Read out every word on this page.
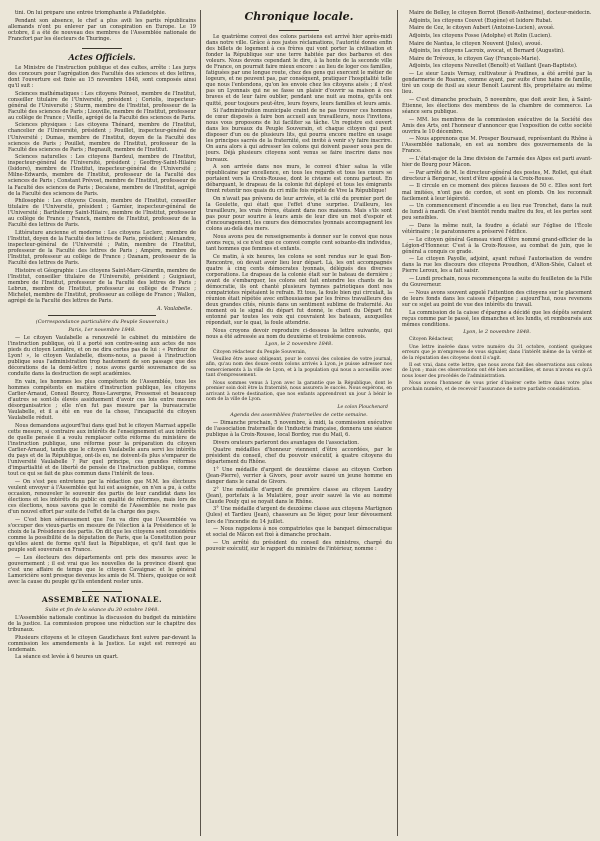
tini. On lui prépare une entrée triomphante à Philadelphie.

Pendant son absence, le chef a plus avili les partis républicains allemands n'ont pu enlever par un conspiration en Europe. Le 19 octobre, il a été de nouveau des membres de l'Assemblée nationale de Francfort par les électeurs de Thuringe.

Actes Officiels.

Le Ministre de l'instruction publique et des cultes, arrête : Les jurys des concours pour l'agrégation des Facultés des sciences et des lettres, dont l'ouverture est fixée au 15 novembre 1848, sont composés ainsi qu'il suit :

Sciences mathématiques : Les citoyens Poinsot, membre de l'Institut, conseiller titulaire de l'Université, président ; Coriolis, inspecteur-général de l'Université ; Sturm, membre de l'Institut, professeur de la Faculté des sciences de Paris ; Liouville, membre de l'Institut, professeur au collège de France ; Vieille, agrégé de la Faculté des sciences de Paris.

Sciences physiques : Les citoyens Thénard, membre de l'Institut, chancelier de l'Université, président ; Pouillet, inspecteur-général de l'Université ; Dumas, membre de l'Institut, doyen de la Faculté des sciences de Paris ; Pouillet, membre de l'Institut, professeur de la Faculté des sciences de Paris ; Regnault, membre de l'Institut.

Sciences naturelles : Les citoyens Bardeul, membre de l'Institut, inspecteur-général de l'Université, président ; Geoffroy-Saint-Hilaire (Isidore), membre de l'Institut, inspecteur-général de l'Université ; Milne-Edwards, membre de l'Institut, professeur de la Faculté des sciences de Paris ; Constant Prévost, membre de l'Institut, professeur de la Faculté des sciences de Paris ; Decaisne, membre de l'Institut, agrégé de la Faculté des sciences de Paris.

Philosophie : Les citoyens Cousin, membre de l'Institut, conseiller titulaire de l'Université, président ; Garnier, inspecteur-général de l'Université ; Barthélemy Saint-Hilaire, membre de l'Institut, professeur au collège de France ; Franck, membre de l'Institut, professeur de la Faculté des lettres de Paris.

Littérature ancienne et moderne : Les citoyens Leclerc, membre de l'Institut, doyen de la Faculté des lettres de Paris, président ; Alexandre, inspecteur-général de l'Université ; Patin, membre de l'Institut, professeur de la Faculté des lettres de Paris ; Ampère, membre de l'Institut, professeur au collège de France ; Ozanam, professeur de la Faculté des lettres de Paris.

Histoire et Géographie : Les citoyens Saint-Marc-Girardin, membre de l'Institut, conseiller titulaire de l'Université, président ; Guigniaut, membre de l'Institut, professeur de la Faculté des lettres de Paris ; Lebrun, membre de l'Institut, professeur au collège de France ; Michelet, membre de l'Institut, professeur au collège de France ; Wallon, agrégé de la Faculté des lettres de Paris.

A. Vaulabelle.

(Correspondance particulière du Peuple Souverain.)
Paris, 1er novembre 1848.

— Le citoyen Vaulabelle a renouvelé le cabinet du ministère de l'instruction publique, où il a porté son contre-seing aux actes de nos pieds du citoyen Lemâtre, et on ne dira certes pas de lui : « Perdeur de Lyon! », le citoyen Vaulabelle, disons-nous, a passé à l'instruction publique sous l'administration trop hautement de son passage que des décorations de la demi-lettre ; nous avons gardé souvenance de sa conduite dans la destruction de sept académies.

En vain, les hommes les plus compétents de l'Assemblée, tous les hommes compétents en matière d'instruction publique, les citoyens Carlier-Arnaud, Consul Bourcy, Rous-Lavergne, Pressensé et beaucoup d'autres se sont-ils élevés assiduement d'avoir ces lois entre mesure désorganisatrice ; elle n'en fut pas mesure par la bureaucratie Vaulabelle, et il a été en vue de la chose, l'incapacité du citoyen Vaulabelle réduit.

Nous demandons aujourd'hui dans quel but le citoyen Marrast appelle cette mesure, si contraire aux intérêts de l'enseignement et aux intérêts de quelle pensée il a voulu remplacer cette réforme du ministère de l'instruction publique, une réforme pour la préparation du citoyen Carlier-Arnaud, tandis que le citoyen Vaulabelle aura servi les intérêts du pays et de la République, ont-ils eu, ne doivent-ils plus s'emparer de l'université Vaulabelle ? Par quel principe, ces grandes réformes d'impartialité et de liberté de pensée de l'instruction publique, comme tout ce qui se fait de plus commun dans l'intérêt de tous.

— On s'est peu entretenu par la rédaction que M.M. les électeurs veulent envoyer à l'Assemblée qui lui est assignée, on n'en a pu, à cette occasion, renouveler le souvenir des partis de leur candidat dans les élections et les intérêts du public en qualité de réformes, mais lors de ces élections, nous savons que le comité de l'Assemblée ne reste pas d'un nouvel effort par suite de l'effet de la charge des pays.

— C'est bien sérieusement que l'on va dire que l'Assemblée va s'occuper des vieux-partis en mesure de l'élection à la Présidence et le choix de la Présidence des partis. On dit que les citoyens sont considérés comme la possibilité de la députation de Paris, que la Constitution pour qu'elles aient de forme qu'il faut la République, et qu'il faut que le peuple soit souverain en France.

— Les électeurs des départements ont pris des mesures avec le gouvernement ; il est vrai que les nouvelles de la province disent que c'est une affaire de temps que le citoyen Cavaignac et le général Lamoricière sont presque devenus les amis de M. Thiers, quoique ce soit avec la cause du peuple qu'ils entendent rester unis.

ASSEMBLÉE NATIONALE.
Suite et fin de la séance du 30 octobre 1848.

L'Assemblée nationale continue la discussion du budget du ministère de la justice. La commission propose une réduction sur le chapitre des tribunaux.

Plusieurs citoyens et le citoyen Gaudichaux font suivre par-devant la commission les amendements à la Justice. Le sujet est renvoyé au lendemain.

La séance est levée à 6 heures un quart.

Chronique locale.

Le quatrième convoi des colons parisiens est arrivé hier après-midi dans notre ville. Grâce à nos justes réclamations, l'autorité donne enfin des billets de logement à ces frères qui vont porter la civilisation et fonder la République sur une terre habitée par des barbares et des voleurs. Nous devons cependant le dire, à la honte de la seconde ville de France, on pourrait faire mieux encore : au lieu de loger ces familles, fatiguées par une longue route, chez des gens qui exercent le métier de logeurs, et ne peuvent pas, par conséquent, pratiquer l'hospitalité telle que nous l'entendons, qu'on les envoie chez les citoyens aisés ; il n'est pas un Lyonnais qui ne se fasse un plaisir d'ouvrir sa maison à ces braves et de leur faire oublier, pendant une nuit au moins, qu'ils ont quitté, pour toujours peut-être, leurs foyers, leurs familles et leurs amis.

Si l'administration municipale craint de ne pas trouver ces hommes de cœur disposés à faire bon accueil aux travailleurs, nous l'invitons, nous vous proposons de lui faciliter sa tâche. Un registre est ouvert dans les bureaux du Peuple Souverain, et chaque citoyen qui peut disposer d'un ou de plusieurs lits, qui pourra encore mettre en usage les principes sacrés de la fraternité, est invité à venir s'y faire inscrire. On aura alors à qui adresser les colons qui doivent passer sous peu de jours. Déjà plusieurs citoyens sont venus se faire inscrire dans nos bureaux.

A son arrivée dans nos murs, le convoi d'hier salua la ville républicaine par excellence, en tous les regards et tous les cœurs se portaient vers la Croix-Rousse, dont le civisme est connu partout. En débarquant, le drapeau de la colonie fut déployé et tous les émigrants firent retentir nos quais du cri mille fois répété de Vive la République!

On n'avait pas prévenu de leur arrivée, et la cité du premier port de la Goulette, qui était que l'effet d'une surprise. D'ailleurs, les travailleurs, les vrais frères, étaient dans nos maisons. Mais s'ils sont pas pour pour sourire à leurs amis de leur dire un mot d'espoir et d'encouragement, les cœurs des démocrates lyonnais accompagnent les colons au-delà des mers.

Nous avons peu de renseignements à donner sur le convoi que nous avons reçu, si ce n'est que ce convoi compte cent soixante-dix individus, tant hommes que femmes et enfants.

Ce matin, à six heures, les colons se sont rendus sur le quai Bon-Rencontre, où devait avoir lieu leur départ. Là, les ont accompagnés quatre à cinq cents démocrates lyonnais, délégués des diverses corporations. Le drapeau de la colonie était sur le bateau de dernière ; avant de s'embarquer, les colons ont fait entendre les chants de la démocratie, ils ont chanté plusieurs hymnes patriotiques dont nos compatriotes répétaient le refrain. Et tous, la foule bien qui circulait, la réunion était répétée avec enthousiasme par les frères travailleurs des deux grandes cités, réunis dans un sentiment sublime de fraternité. Au moment où le signal du départ fut donné, le chant du Départ fut entonné par toutes les voix qui couvraient les bateaux, auxquelles répondait, sur le quai, la foule attendrie.

Nous croyons devoir reproduire ci-dessous la lettre suivante, qui nous a été adressée au nom du deuxième et troisième convois.

Lyon, le 2 novembre 1848.

Citoyen rédacteur du Peuple Souverain,

Veuillez être assez obligeant, pour le convoi des colonies de votre journal, afin, qu'au nom des douze cents colons arrivés à Lyon, je puisse adresser nos remerciements à la ville de Lyon, et à la population qui nous a accueillis avec tant d'empressement.

Nous sommes venus à Lyon avec la garantie que la République, dont le premier soin doit être la fraternité, nous assurera le succès. Nous espérons, en arrivant à notre destination, que nos enfants apprendront un jour à bénir le nom de la ville de Lyon.

Le colon Plouchenard

Agenda des assemblées fraternelles de cette semaine.

— Dimanche prochain, 5 novembre, à midi, la commission exécutive de l'association fraternelle de l'industrie française, donnera une séance publique à la Croix-Rousse, local Bordoy, rue du Mail, 6.

Divers orateurs parleront des avantages de l'association.

Quatre médailles d'honneur viennent d'être accordées, par le président du conseil, chef du pouvoir exécutif, à quatre citoyens du département du Rhône.

1° Une médaille d'argent de deuxième classe au citoyen Corbon (Jean-Pierre), verrier à Givors, pour avoir sauvé un jeune homme en danger dans le canal de Givors.

2° Une médaille d'argent de première classe au citoyen Laudry (Jean), portefaix à la Mulatière, pour avoir sauvé la vie au nommé Claude Pouly qui se noyait dans le Rhône.

3° Une médaille d'argent de deuxième classe aux citoyens Martignon (Jules) et Tardieu (Jean), chasseurs au 5e léger, pour leur dévouement lors de l'incendie du 14 juillet.

— Nous rappelons à nos compatriotes que le banquet démocratique et social de Mâcon est fixé à dimanche prochain.

— Un arrêté du président du conseil des ministres, chargé du pouvoir exécutif, sur le rapport du ministre de l'intérieur, nomme :

Maire de Belley, le citoyen Borrot (Benoît-Antheime), docteur-médecin.

Adjoints, les citoyens Couvet (Eugène) et Isidore Rubat.

Maire de Cez, le citoyen Aubert (Antoine-Lucien), avoué.

Adjoints, les citoyens Fosse (Adolphe) et Rolin (Lucien).

Maire de Nantua, le citoyen Nouvent (Jules), avoué.

Adjoints, les citoyens Lacroix, avocat, et Bernard (Augustin).

Maire de Trévoux, le citoyen Gay (François-Marie).

Adjoints, les citoyens Nuvellet (Benoît) et Vaillant (Jean-Baptiste).

— Le sieur Louis Vernay, cultivateur à Pradines, a été arrêté par la gendarmerie de Roanne, comme ayant, par suite d'une haine de famille, tiré un coup de fusil au sieur Benoît Laurent fils, propriétaire au même lieu.

— C'est dimanche prochain, 5 novembre, que doit avoir lieu, à Saint-Étienne, les élections des membres de la chambre de commerce. La séance sera publique.

— MM. les membres de la commission exécutive de la Société des Amis des Arts, ont l'honneur d'annoncer que l'exposition de cette société ouvrira le 10 décembre.

— Nous apprenons que M. Prosper Boursaud, représentant du Rhône à l'Assemblée nationale, en est au nombre des gouvernements de la France.

— L'état-major de la 3me division de l'armée des Alpes est parti avant-hier de Bourg pour Mâcon.

— Par arrêté de M. le directeur-général des postes, M. Rollet, qui était directeur à Bergerac, vient d'être appelé à la Croix-Rousse.

— Il circule en ce moment des pièces fausses de 50 c. Elles sont fort mal imitées, n'ont pas de cordon, et sont en plomb. On les reconnaît facilement à leur légèreté.

— Un commencement d'incendie a eu lieu rue Tronchet, dans la nuit de lundi à mardi. On s'est bientôt rendu maître du feu, et les pertes sont peu sensibles.

— Dans la même nuit, la foudre a éclaté sur l'église de l'École vétérinaire ; le paratonnerre a préservé l'édifice.

— Le citoyen général Gemeau vient d'être nommé grand-officier de la Légion-d'Honneur. C'est à la Croix-Rousse, au combat de juin, que le général a conquis ce grade.

— Le citoyen Payolle, adjoint, ayant refusé l'autorisation de vendre dans la rue les discours des citoyens Proudhon, d'Alton-Shée, Caluet et Pierre Leroux, les a fait saisir.

— Lundi prochain, nous recommençons la suite du feuilleton de la Fille du Gouverneur.

— Nous avons souvent appelé l'attention des citoyens sur le placement de leurs fonds dans les caisses d'épargne ; aujourd'hui, nous revenons sur ce sujet au point de vue des intérêts du travail.

La commission de la caisse d'épargne a décidé que les dépôts seraient reçus comme par le passé, les dimanches et les lundis, et remboursés aux mêmes conditions.

Lyon, le 2 novembre 1848.

Citoyen Rédacteur,

Une lettre insérée dans votre numéro du 31 octobre, contient quelques erreurs que je m'empresse de vous signaler, dans l'intérêt même de la vérité et de la réputation des citoyens dont il s'agit.

Il est vrai, dans cette lettre, que nous avons fait des observations aux colons de Lyon ; mais ces observations ont été bien accueillies, et nous n'avons eu qu'à nous louer des procédés de l'administration.

Nous avons l'honneur de vous prier d'insérer cette lettre dans votre plus prochain numéro, et de recevoir l'assurance de notre parfaite considération.
